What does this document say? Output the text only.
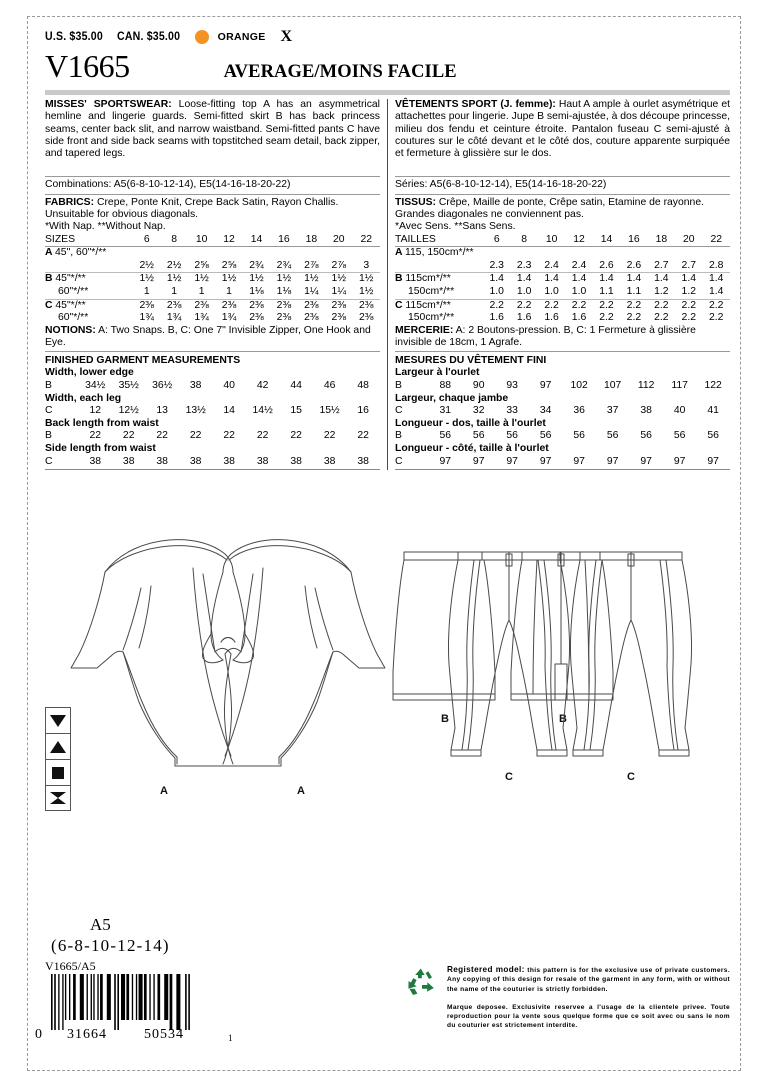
U.S. $35.00 CAN. $35.00	ORANGE X
V1665	AVERAGE/MOINS FACILE

MISSES' SPORTSWEAR: Loose-fitting top A has an asymmetrical hemline and lingerie guards. Semi-fitted skirt B has back princess seams, center back slit, and narrow waistband. Semi-fitted pants C have side front and side back seams with topstitched seam detail, back zipper, and tapered legs.

Combinations: A5(6-8-10-12-14), E5(14-16-18-20-22)

FABRICS: Crepe, Ponte Knit, Crepe Back Satin, Rayon Challis. Unsuitable for obvious diagonals.

*With Nap. **Without Nap.

SIZES	6	8	10	12	14	16	18	20	22
A 45", 60"*/**									
	2½	2½	2⅝	2⅝	2¾	2¾	2⅞	2⅞	3
B 45"*/**	1½	1½	1½	1½	1½	1½	1½	1½	1½
60"*/**	1	1	1	1	1⅛	1⅛	1¼	1¼	1½
C 45"*/**	2⅜	2⅜	2⅜	2⅜	2⅜	2⅜	2⅜	2⅜	2⅜
60"*/**	1¾	1¾	1¾	1¾	2⅜	2⅜	2⅜	2⅜	2⅜

NOTIONS: A: Two Snaps. B, C: One 7" Invisible Zipper, One Hook and Eye.

FINISHED GARMENT MEASUREMENTS

Width, lower edge									
B	34½	35½	36½	38	40	42	44	46	48
Width, each leg									
C	12	12½	13	13½	14	14½	15	15½	16
Back length from waist									
B	22	22	22	22	22	22	22	22	22
Side length from waist									
C	38	38	38	38	38	38	38	38	38

VÊTEMENTS SPORT (J. femme): Haut A ample à ourlet asymétrique et attachettes pour lingerie. Jupe B semi-ajustée, à dos découpe princesse, milieu dos fendu et ceinture étroite. Pantalon fuseau C semi-ajusté à coutures sur le côté devant et le côté dos, couture apparente surpiquée et fermeture à glissière sur le dos.

Séries: A5(6-8-10-12-14), E5(14-16-18-20-22)

TISSUS: Crêpe, Maille de ponte, Crêpe satin, Etamine de rayonne. Grandes diagonales ne conviennent pas.

*Avec Sens. **Sans Sens.

TAILLES	6	8	10	12	14	16	18	20	22
A 115, 150cm*/**									
	2.3	2.3	2.4	2.4	2.6	2.6	2.7	2.7	2.8
B 115cm*/**	1.4	1.4	1.4	1.4	1.4	1.4	1.4	1.4	1.4
150cm*/**	1.0	1.0	1.0	1.0	1.1	1.1	1.2	1.2	1.4
C 115cm*/**	2.2	2.2	2.2	2.2	2.2	2.2	2.2	2.2	2.2
150cm*/**	1.6	1.6	1.6	1.6	2.2	2.2	2.2	2.2	2.2

MERCERIE: A: 2 Boutons-pression. B, C: 1 Fermeture à glissière invisible de 18cm, 1 Agrafe.

MESURES DU VÊTEMENT FINI

Largeur à l'ourlet									
B	88	90	93	97	102	107	112	117	122
Largeur, chaque jambe									
C	31	32	33	34	36	37	38	40	41
Longueur - dos, taille à l'ourlet									
B	56	56	56	56	56	56	56	56	56
Longueur - côté, taille à l'ourlet									
C	97	97	97	97	97	97	97	97	97
A	A
B	B
C	C
A5
(6-8-10-12-14)
V1665/A5
0 31664	50534	1

Registered model: this pattern is for the exclusive use of private customers. Any copying of this design for resale of the garment in any form, with or without the name of the couturier is strictly forbidden.

Marque deposee. Exclusivite reservee a l'usage de la clientele privee. Toute reproduction pour la vente sous quelque forme que ce soit avec ou sans le nom du couturier est strictement interdite.
